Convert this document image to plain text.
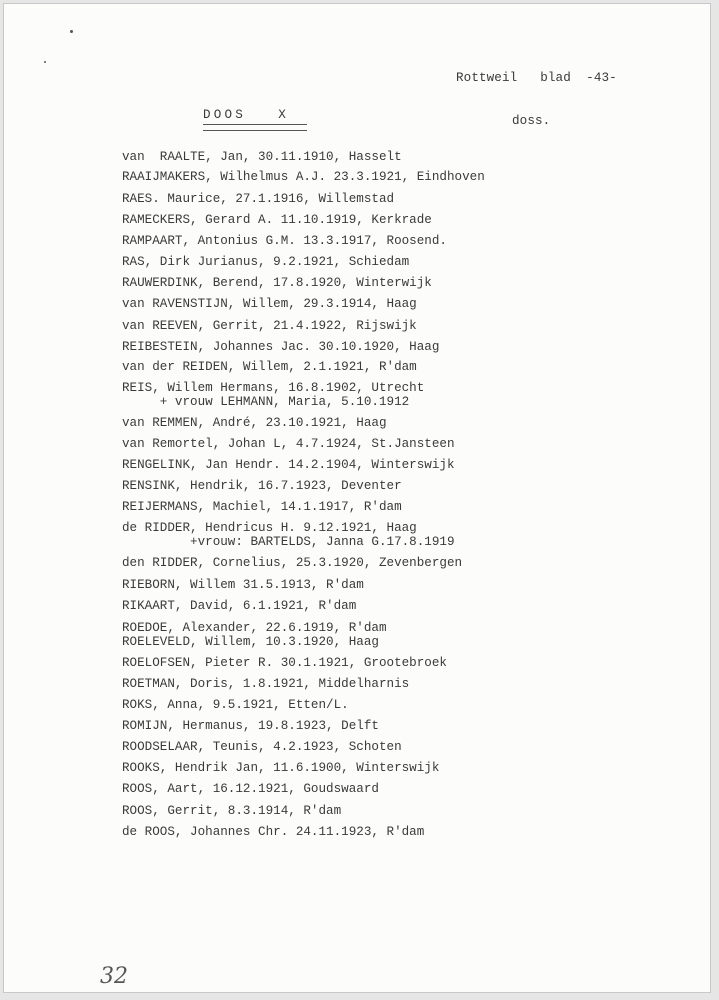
Rottweil   blad  -43-
DOOS   X	doss.
van  RAALTE, Jan, 30.11.1910, Hasselt
RAAIJMAKERS, Wilhelmus A.J. 23.3.1921, Eindhoven
RAES. Maurice, 27.1.1916, Willemstad
RAMECKERS, Gerard A. 11.10.1919, Kerkrade
RAMPAART, Antonius G.M. 13.3.1917, Roosend.
RAS, Dirk Jurianus, 9.2.1921, Schiedam
RAUWERDINK, Berend, 17.8.1920, Winterwijk
van RAVENSTIJN, Willem, 29.3.1914, Haag
van REEVEN, Gerrit, 21.4.1922, Rijswijk
REIBESTEIN, Johannes Jac. 30.10.1920, Haag
van der REIDEN, Willem, 2.1.1921, R'dam
REIS, Willem Hermans, 16.8.1902, Utrecht
+ vrouw LEHMANN, Maria, 5.10.1912
van REMMEN, André, 23.10.1921, Haag
van Remortel, Johan L, 4.7.1924, St.Jansteen
RENGELINK, Jan Hendr. 14.2.1904, Winterswijk
RENSINK, Hendrik, 16.7.1923, Deventer
REIJERMANS, Machiel, 14.1.1917, R'dam
de RIDDER, Hendricus H. 9.12.1921, Haag
+vrouw: BARTELDS, Janna G.17.8.1919
den RIDDER, Cornelius, 25.3.1920, Zevenbergen
RIEBORN, Willem 31.5.1913, R'dam
RIKAART, David, 6.1.1921, R'dam
ROEDOE, Alexander, 22.6.1919, R'dam
ROELEVELD, Willem, 10.3.1920, Haag
ROELOFSEN, Pieter R. 30.1.1921, Grootebroek
ROETMAN, Doris, 1.8.1921, Middelharnis
ROKS, Anna, 9.5.1921, Etten/L.
ROMIJN, Hermanus, 19.8.1923, Delft
ROODSELAAR, Teunis, 4.2.1923, Schoten
ROOKS, Hendrik Jan, 11.6.1900, Winterswijk
ROOS, Aart, 16.12.1921, Goudswaard
ROOS, Gerrit, 8.3.1914, R'dam
de ROOS, Johannes Chr. 24.11.1923, R'dam
32
